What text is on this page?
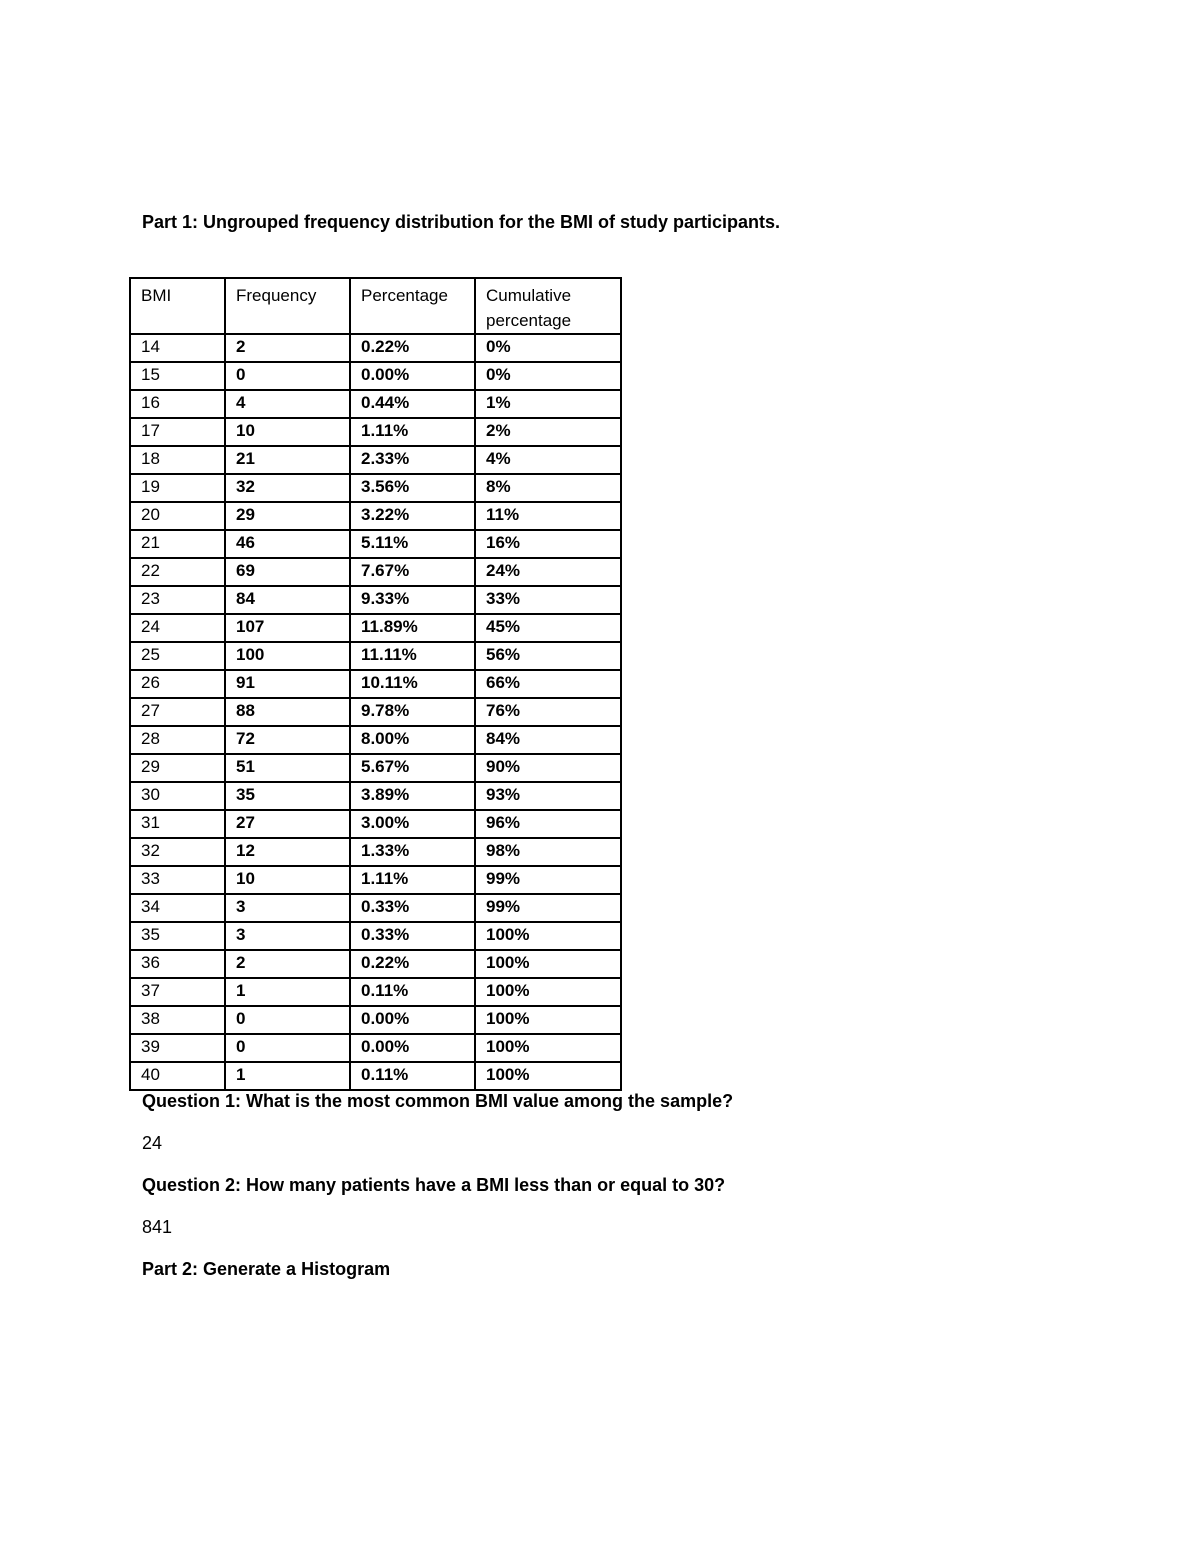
Part 1: Ungrouped frequency distribution for the BMI of study participants.
BMI	Frequency	Percentage	Cumulative percentage
14	2	0.22%	0%
15	0	0.00%	0%
16	4	0.44%	1%
17	10	1.11%	2%
18	21	2.33%	4%
19	32	3.56%	8%
20	29	3.22%	11%
21	46	5.11%	16%
22	69	7.67%	24%
23	84	9.33%	33%
24	107	11.89%	45%
25	100	11.11%	56%
26	91	10.11%	66%
27	88	9.78%	76%
28	72	8.00%	84%
29	51	5.67%	90%
30	35	3.89%	93%
31	27	3.00%	96%
32	12	1.33%	98%
33	10	1.11%	99%
34	3	0.33%	99%
35	3	0.33%	100%
36	2	0.22%	100%
37	1	0.11%	100%
38	0	0.00%	100%
39	0	0.00%	100%
40	1	0.11%	100%
Question 1: What is the most common BMI value among the sample?
24
Question 2: How many patients have a BMI less than or equal to 30?
841
Part 2: Generate a Histogram
